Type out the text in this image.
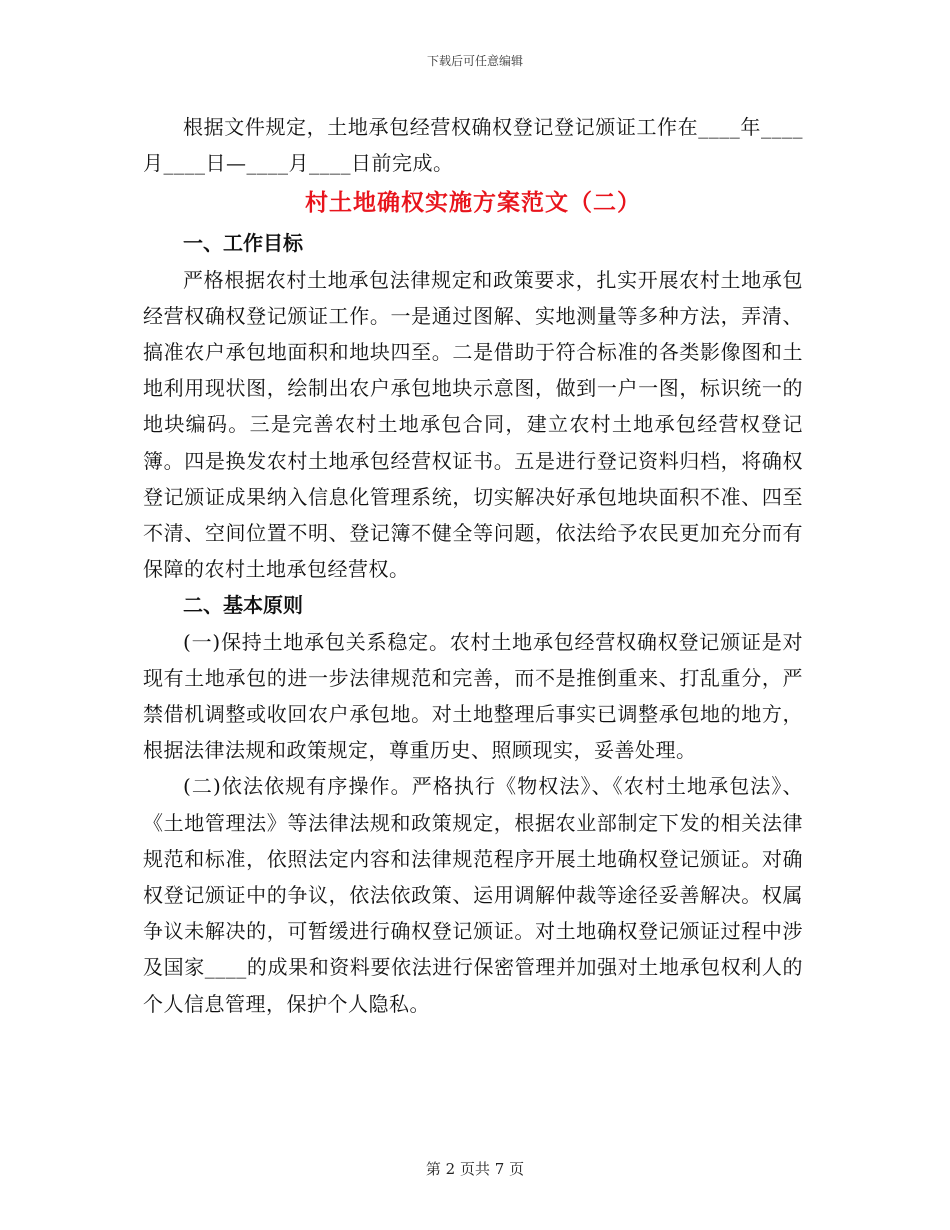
下载后可任意编辑

根据文件规定，土地承包经营权确权登记登记颁证工作在____年____月____日—____月____日前完成。

村土地确权实施方案范文（二）
一、工作目标

严格根据农村土地承包法律规定和政策要求，扎实开展农村土地承包经营权确权登记颁证工作。一是通过图解、实地测量等多种方法，弄清、搞准农户承包地面积和地块四至。二是借助于符合标准的各类影像图和土地利用现状图，绘制出农户承包地块示意图，做到一户一图，标识统一的地块编码。三是完善农村土地承包合同，建立农村土地承包经营权登记簿。四是换发农村土地承包经营权证书。五是进行登记资料归档，将确权登记颁证成果纳入信息化管理系统，切实解决好承包地块面积不准、四至不清、空间位置不明、登记簿不健全等问题，依法给予农民更加充分而有保障的农村土地承包经营权。

二、基本原则

(一)保持土地承包关系稳定。农村土地承包经营权确权登记颁证是对现有土地承包的进一步法律规范和完善，而不是推倒重来、打乱重分，严禁借机调整或收回农户承包地。对土地整理后事实已调整承包地的地方，根据法律法规和政策规定，尊重历史、照顾现实，妥善处理。

(二)依法依规有序操作。严格执行《物权法》、《农村土地承包法》、《土地管理法》等法律法规和政策规定，根据农业部制定下发的相关法律规范和标准，依照法定内容和法律规范程序开展土地确权登记颁证。对确权登记颁证中的争议，依法依政策、运用调解仲裁等途径妥善解决。权属争议未解决的，可暂缓进行确权登记颁证。对土地确权登记颁证过程中涉及国家____的成果和资料要依法进行保密管理并加强对土地承包权利人的个人信息管理，保护个人隐私。

第 2 页共 7 页
